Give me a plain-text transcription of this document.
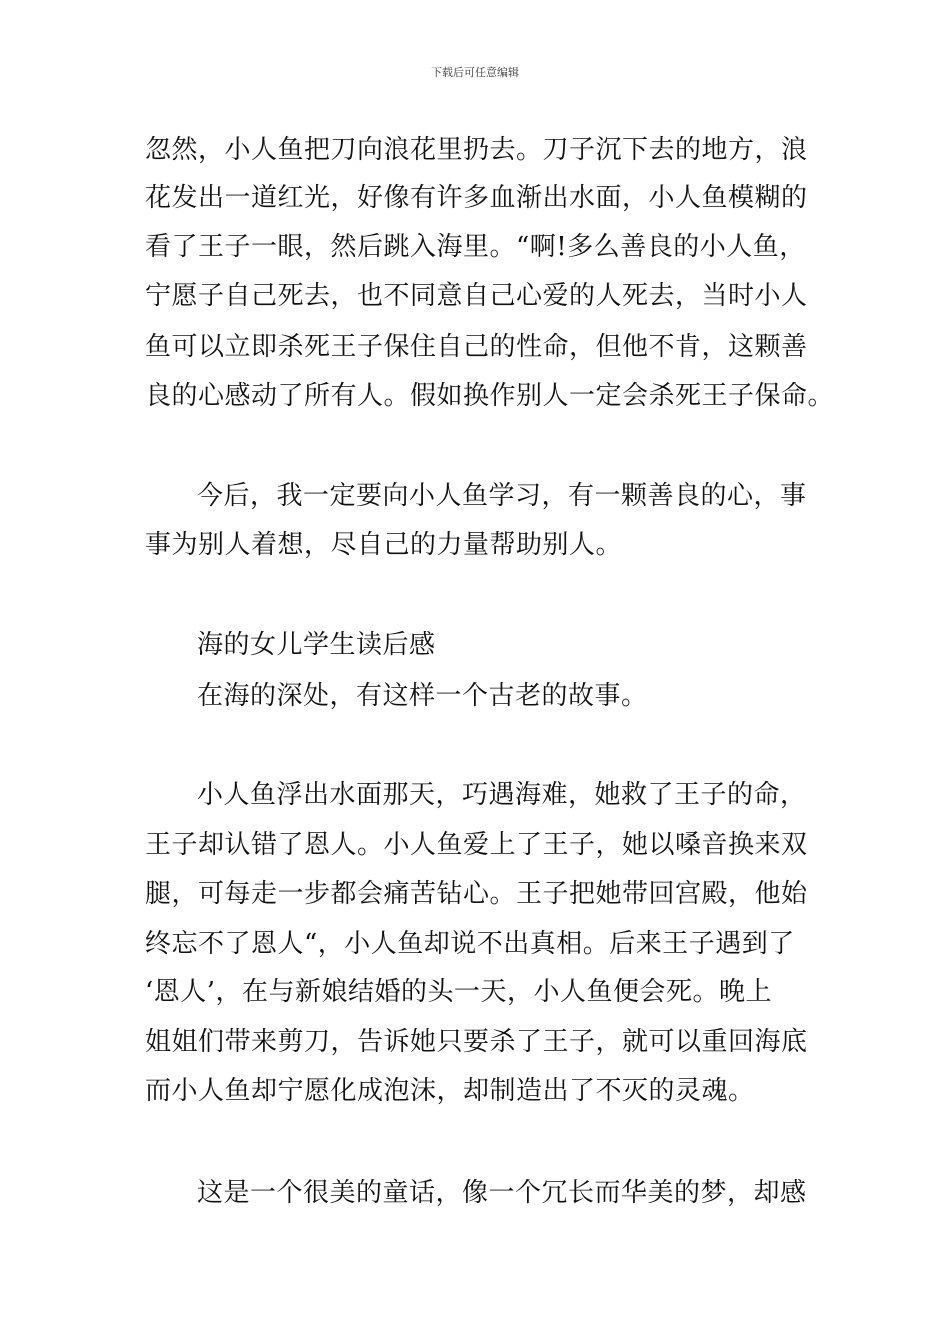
下载后可任意编辑
忽然，小人鱼把刀向浪花里扔去。刀子沉下去的地方，浪
花发出一道红光，好像有许多血渐出水面，小人鱼模糊的
看了王子一眼，然后跳入海里。“啊!多么善良的小人鱼，
宁愿子自己死去，也不同意自己心爱的人死去，当时小人
鱼可以立即杀死王子保住自己的性命，但他不肯，这颗善
良的心感动了所有人。假如换作别人一定会杀死王子保命。
今后，我一定要向小人鱼学习，有一颗善良的心，事
事为别人着想，尽自己的力量帮助别人。
海的女儿学生读后感
在海的深处，有这样一个古老的故事。
小人鱼浮出水面那天，巧遇海难，她救了王子的命，
王子却认错了恩人。小人鱼爱上了王子，她以嗓音换来双
腿，可每走一步都会痛苦钻心。王子把她带回宫殿，他始
终忘不了恩人“，小人鱼却说不出真相。后来王子遇到了
‘恩人’，在与新娘结婚的头一天，小人鱼便会死。晚上
姐姐们带来剪刀，告诉她只要杀了王子，就可以重回海底
而小人鱼却宁愿化成泡沫，却制造出了不灭的灵魂。
这是一个很美的童话，像一个冗长而华美的梦，却感
